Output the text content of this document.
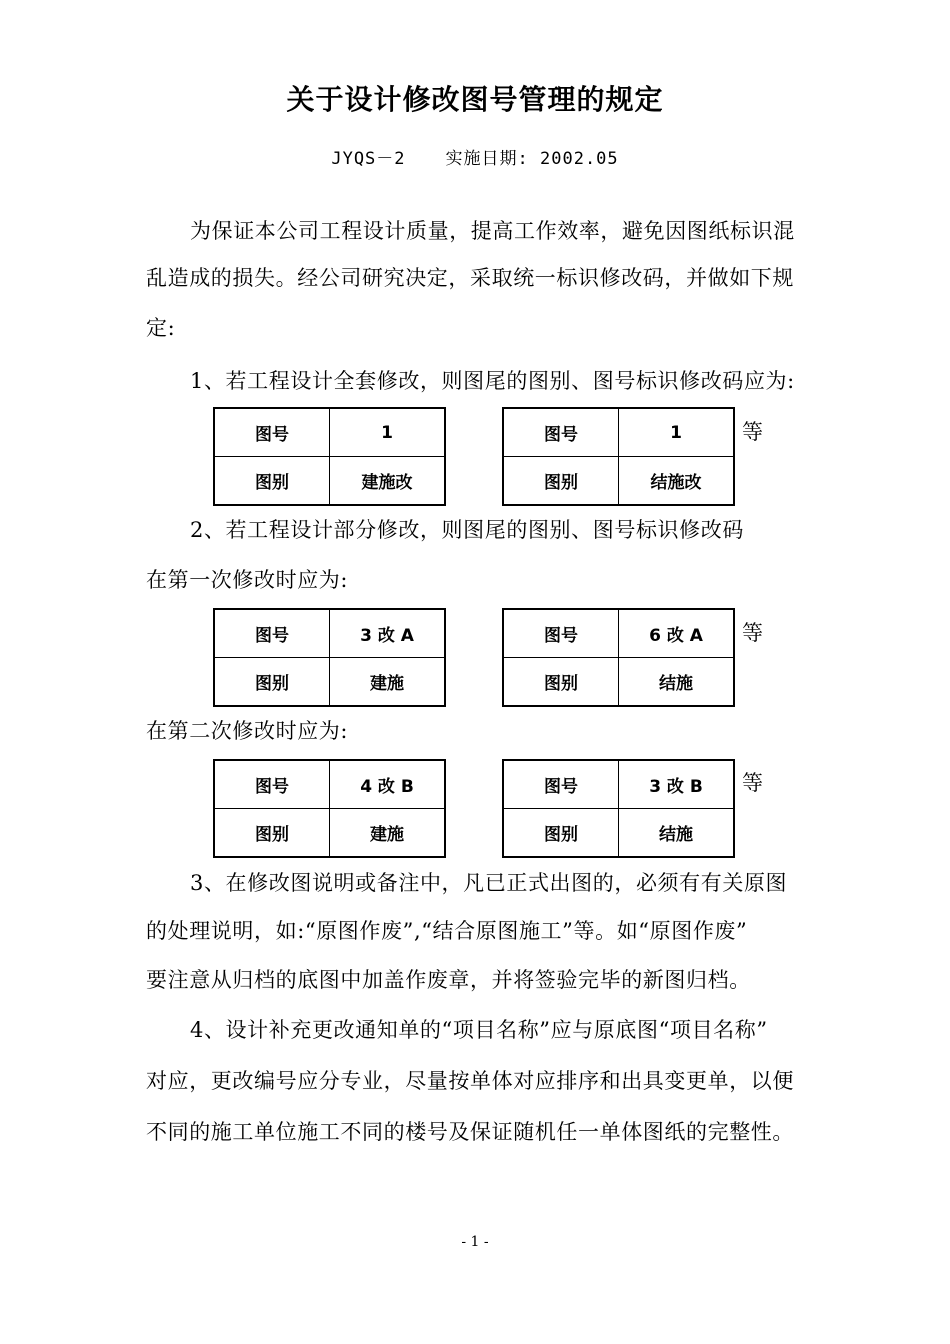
关于设计修改图号管理的规定
JYQS－2 实施日期: 2002.05
为保证本公司工程设计质量，提高工作效率，避免因图纸标识混
乱造成的损失。经公司研究决定，采取统一标识修改码，并做如下规
定:
1、若工程设计全套修改，则图尾的图别、图号标识修改码应为:
图号	1
图别	建施改
图号	1
图别	结施改
等
2、若工程设计部分修改，则图尾的图别、图号标识修改码
在第一次修改时应为:
图号	3 改 A
图别	建施
图号	6 改 A
图别	结施
等
在第二次修改时应为:
图号	4 改 B
图别	建施
图号	3 改 B
图别	结施
等
3、在修改图说明或备注中，凡已正式出图的，必须有有关原图
的处理说明，如:“原图作废”,“结合原图施工”等。如“原图作废”
要注意从归档的底图中加盖作废章，并将签验完毕的新图归档。
4、设计补充更改通知单的“项目名称”应与原底图“项目名称”
对应，更改编号应分专业，尽量按单体对应排序和出具变更单，以便
不同的施工单位施工不同的楼号及保证随机任一单体图纸的完整性。
- 1 -
